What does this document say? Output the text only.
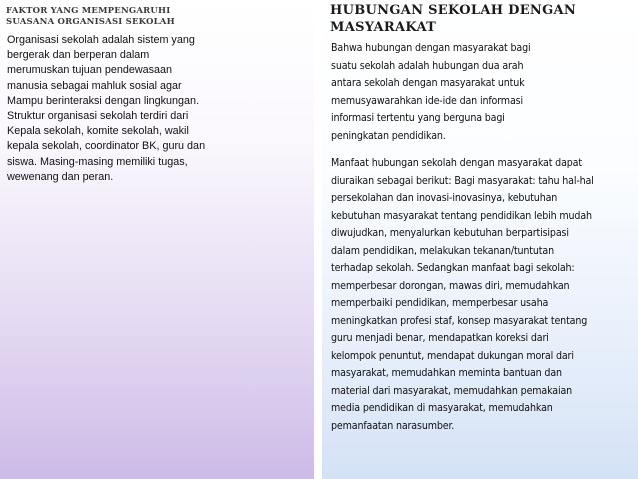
FAKTOR YANG MEMPENGARUHI
SUASANA ORGANISASI SEKOLAH

Organisasi sekolah adalah sistem yang
bergerak dan berperan dalam
merumuskan tujuan pendewasaan
manusia sebagai mahluk sosial agar
Mampu berinteraksi dengan lingkungan.
Struktur organisasi sekolah terdiri dari
Kepala sekolah, komite sekolah, wakil
kepala sekolah, coordinator BK, guru dan
siswa. Masing-masing memiliki tugas,
wewenang dan peran.

HUBUNGAN SEKOLAH DENGAN
MASYARAKAT

Bahwa hubungan dengan masyarakat bagi
suatu sekolah adalah hubungan dua arah
antara sekolah dengan masyarakat untuk
memusyawarahkan ide-ide dan informasi
informasi tertentu yang berguna bagi
peningkatan pendidikan.

Manfaat hubungan sekolah dengan masyarakat dapat
diuraikan sebagai berikut: Bagi masyarakat: tahu hal-hal
persekolahan dan inovasi-inovasinya, kebutuhan
kebutuhan masyarakat tentang pendidikan lebih mudah
diwujudkan, menyalurkan kebutuhan berpartisipasi
dalam pendidikan, melakukan tekanan/tuntutan
terhadap sekolah. Sedangkan manfaat bagi sekolah:
memperbesar dorongan, mawas diri, memudahkan
memperbaiki pendidikan, memperbesar usaha
meningkatkan profesi staf, konsep masyarakat tentang
guru menjadi benar, mendapatkan koreksi dari
kelompok penuntut, mendapat dukungan moral dari
masyarakat, memudahkan meminta bantuan dan
material dari masyarakat, memudahkan pemakaian
media pendidikan di masyarakat, memudahkan
pemanfaatan narasumber.
